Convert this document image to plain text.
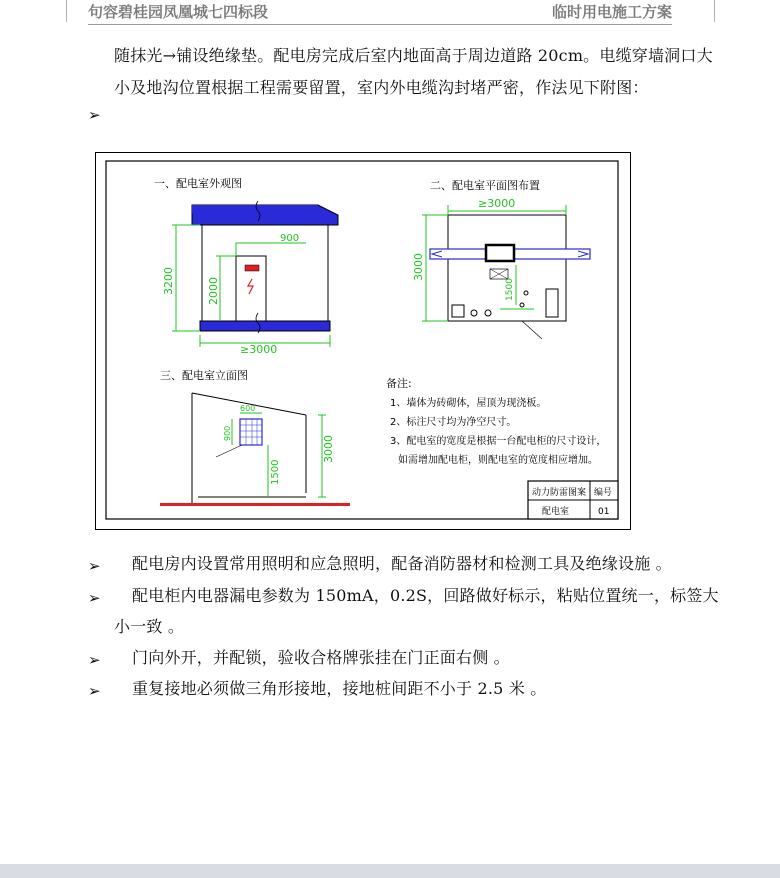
句容碧桂园凤凰城七四标段	临时用电施工方案
随抹光→铺设绝缘垫。配电房完成后室内地面高于周边道路 20cm。电缆穿墙洞口大
小及地沟位置根据工程需要留置，室内外电缆沟封堵严密，作法见下附图：
➢
一、配电室外观图
3200	2000
900
≥3000
二、配电室平面图布置
≥3000
3000
1500
三、配电室立面图
600
900
1500
3000
备注:
1、墙体为砖砌体，屋顶为现浇板。
2、标注尺寸均为净空尺寸。
3、配电室的宽度是根据一台配电柜的尺寸设计，
如需增加配电柜，则配电室的宽度相应增加。
动力防雷图案 编号
配电室	01
➢ 配电房内设置常用照明和应急照明，配备消防器材和检测工具及绝缘设施 。
➢ 配电柜内电器漏电参数为 150mA，0.2S，回路做好标示，粘贴位置统一，标签大
小一致 。
➢ 门向外开，并配锁，验收合格牌张挂在门正面右侧 。
➢ 重复接地必须做三角形接地，接地桩间距不小于 2.5 米 。
